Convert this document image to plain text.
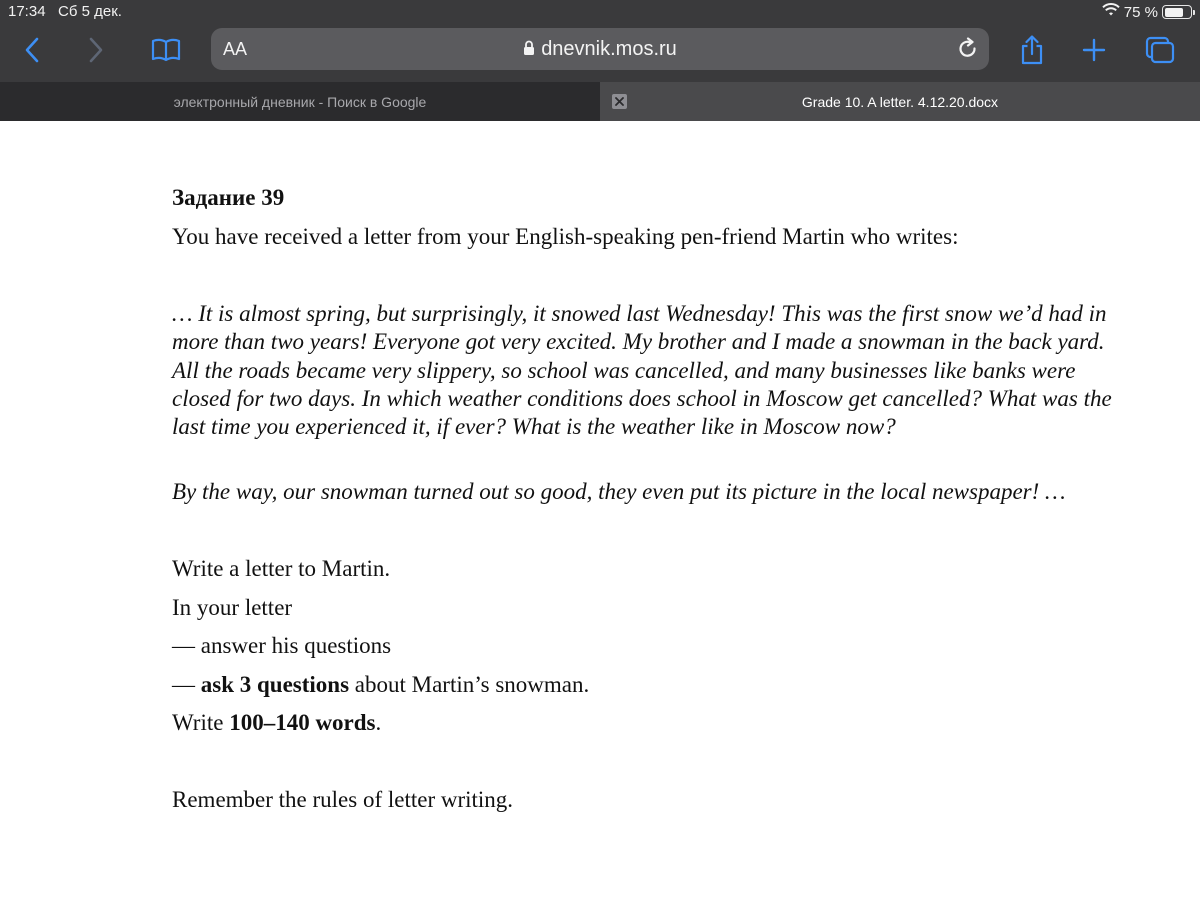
17:34 Сб 5 дек.	75 %
AA	dnevnik.mos.ru
электронный дневник - Поиск в Google	Grade 10. A letter. 4.12.20.docx

Задание 39

You have received a letter from your English-speaking pen-friend Martin who writes:

… It is almost spring, but surprisingly, it snowed last Wednesday! This was the first snow we’d had in more than two years! Everyone got very excited. My brother and I made a snowman in the back yard. All the roads became very slippery, so school was cancelled, and many businesses like banks were closed for two days. In which weather conditions does school in Moscow get cancelled? What was the last time you experienced it, if ever? What is the weather like in Moscow now?

By the way, our snowman turned out so good, they even put its picture in the local newspaper! …

Write a letter to Martin.

In your letter

— answer his questions

— ask 3 questions about Martin’s snowman.

Write 100–140 words.

Remember the rules of letter writing.
